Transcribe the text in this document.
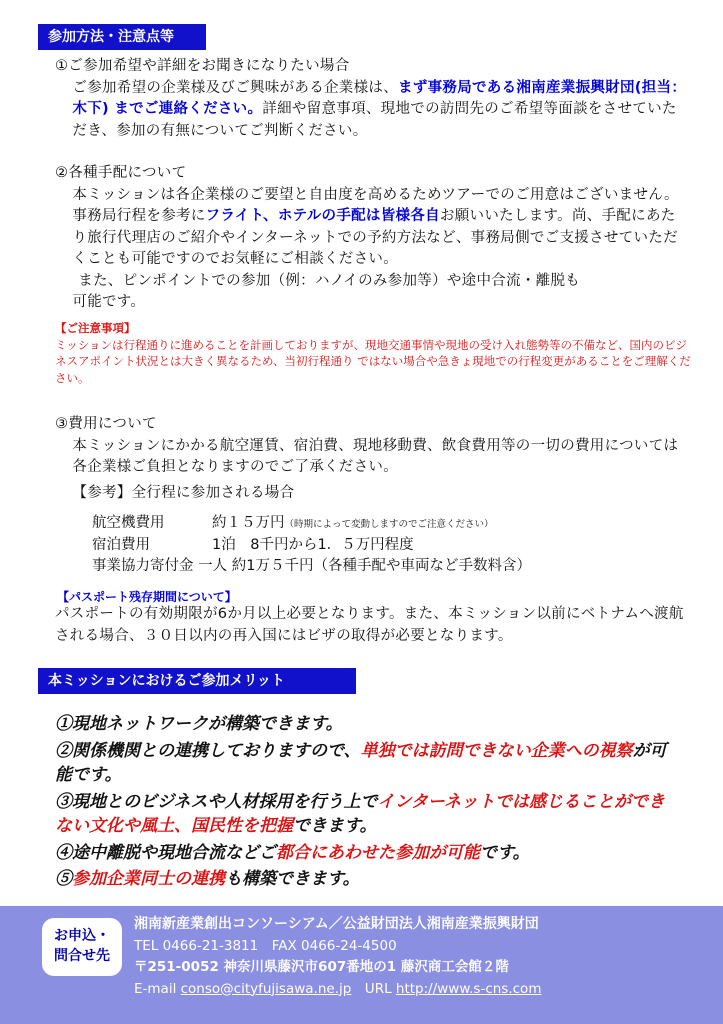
参加方法・注意点等

①ご参加希望や詳細をお聞きになりたい場合

ご参加希望の企業様及びご興味がある企業様は、まず事務局である湘南産業振興財団(担当：木下) までご連絡ください。詳細や留意事項、現地での訪問先のご希望等面談をさせていただき、参加の有無についてご判断ください。

②各種手配について

本ミッションは各企業様のご要望と自由度を高めるためツアーでのご用意はございません。事務局行程を参考にフライト、ホテルの手配は皆様各自お願いいたします。尚、手配にあたり旅行代理店のご紹介やインターネットでの予約方法など、事務局側でご支援させていただくことも可能ですのでお気軽にご相談ください。

また、ピンポイントでの参加（例：ハノイのみ参加等）や途中合流・離脱も

可能です。

【ご注意事項】
ミッションは行程通りに進めることを計画しておりますが、現地交通事情や現地の受け入れ態勢等の不備など、国内のビジネスアポイント状況とは大きく異なるため、当初行程通り ではない場合や急きょ現地での行程変更があることをご理解ください。

③費用について

本ミッションにかかる航空運賃、宿泊費、現地移動費、飲食費用等の一切の費用については各企業様ご負担となりますのでご了承ください。

【参考】全行程に参加される場合

航空機費用	約１５万円（時期によって変動しますのでご注意ください）
宿泊費用	1泊　8千円から1．５万円程度
事業協力寄付金 一人 約1万５千円（各種手配や車両など手数料含）
【パスポート残存期間について】

パスポートの有効期限が6か月以上必要となります。また、本ミッション以前にベトナムへ渡航される場合、３０日以内の再入国にはビザの取得が必要となります。

本ミッションにおけるご参加メリット

①現地ネットワークが構築できます。

②関係機関との連携しておりますので、単独では訪問できない企業への視察が可能です。

③現地とのビジネスや人材採用を行う上でインターネットでは感じることができない文化や風土、国民性を把握できます。

④途中離脱や現地合流などご都合にあわせた参加が可能です。

⑤参加企業同士の連携も構築できます。

お申込・
問合せ先
湘南新産業創出コンソーシアム／公益財団法人湘南産業振興財団
TEL 0466-21-3811　FAX 0466-24-4500
〒251-0052 神奈川県藤沢市607番地の1 藤沢商工会館２階
E-mail conso@cityfujisawa.ne.jp　URL http://www.s-cns.com
